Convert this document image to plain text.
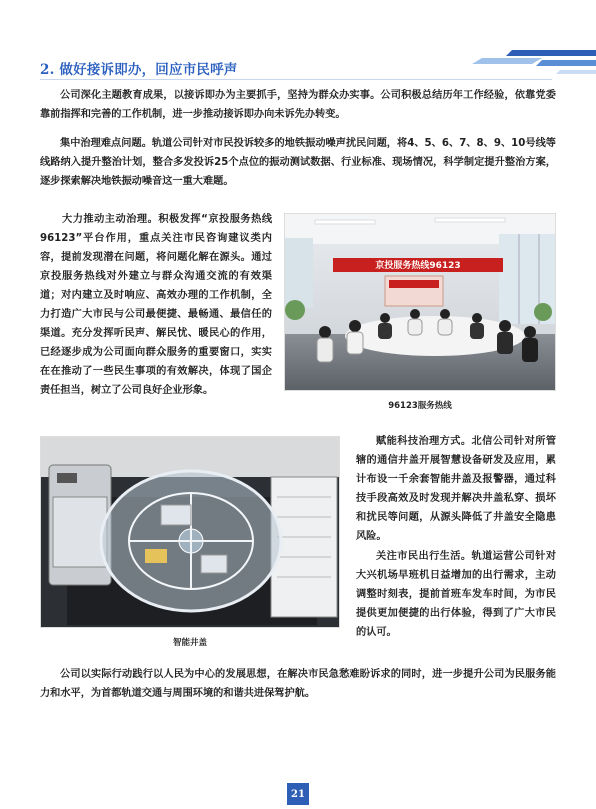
2. 做好接诉即办，回应市民呼声

公司深化主题教育成果，以接诉即办为主要抓手，坚持为群众办实事。公司积极总结历年工作经验，依靠党委靠前指挥和完善的工作机制，进一步推动接诉即办向未诉先办转变。

集中治理难点问题。轨道公司针对市民投诉较多的地铁振动噪声扰民问题，将4、5、6、7、8、9、10号线等线路纳入提升整治计划，整合多发投诉25个点位的振动测试数据、行业标准、现场情况，科学制定提升整治方案，逐步探索解决地铁振动噪音这一重大难题。

大力推动主动治理。积极发挥“京投服务热线96123”平台作用，重点关注市民咨询建议类内容，提前发现潜在问题，将问题化解在源头。通过京投服务热线对外建立与群众沟通交流的有效渠道；对内建立及时响应、高效办理的工作机制，全力打造广大市民与公司最便捷、最畅通、最信任的渠道。充分发挥听民声、解民忧、暖民心的作用，已经逐步成为公司面向群众服务的重要窗口，实实在在推动了一些民生事项的有效解决，体现了国企责任担当，树立了公司良好企业形象。

京投服务热线96123
96123服务热线
智能井盖

赋能科技治理方式。北信公司针对所管辖的通信井盖开展智慧设备研发及应用，累计布设一千余套智能井盖及报警器，通过科技手段高效及时发现并解决井盖私穿、损坏和扰民等问题，从源头降低了井盖安全隐患风险。

关注市民出行生活。轨道运营公司针对大兴机场早班机日益增加的出行需求，主动调整时刻表，提前首班车发车时间，为市民提供更加便捷的出行体验，得到了广大市民的认可。

公司以实际行动践行以人民为中心的发展思想，在解决市民急愁难盼诉求的同时，进一步提升公司为民服务能力和水平，为首都轨道交通与周围环境的和谐共进保驾护航。

21
